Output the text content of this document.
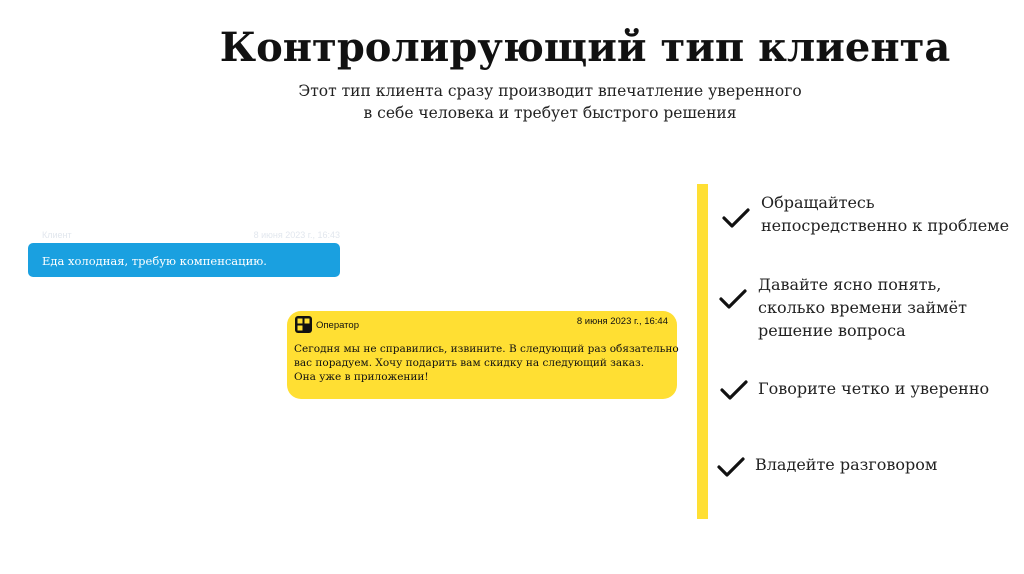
Контролирующий тип клиента
Этот тип клиента сразу производит впечатление уверенного
в себе человека и требует быстрого решения
Клиент	8 июня 2023 г., 16:43
Еда холодная, требую компенсацию.
Оператор	8 июня 2023 г., 16:44
Сегодня мы не справились, извините. В следующий раз обязательно
вас порадуем. Хочу подарить вам скидку на следующий заказ.
Она уже в приложении!
Обращайтесь
непосредственно к проблеме
Давайте ясно понять,
сколько времени займёт
решение вопроса
Говорите четко и уверенно
Владейте разговором
